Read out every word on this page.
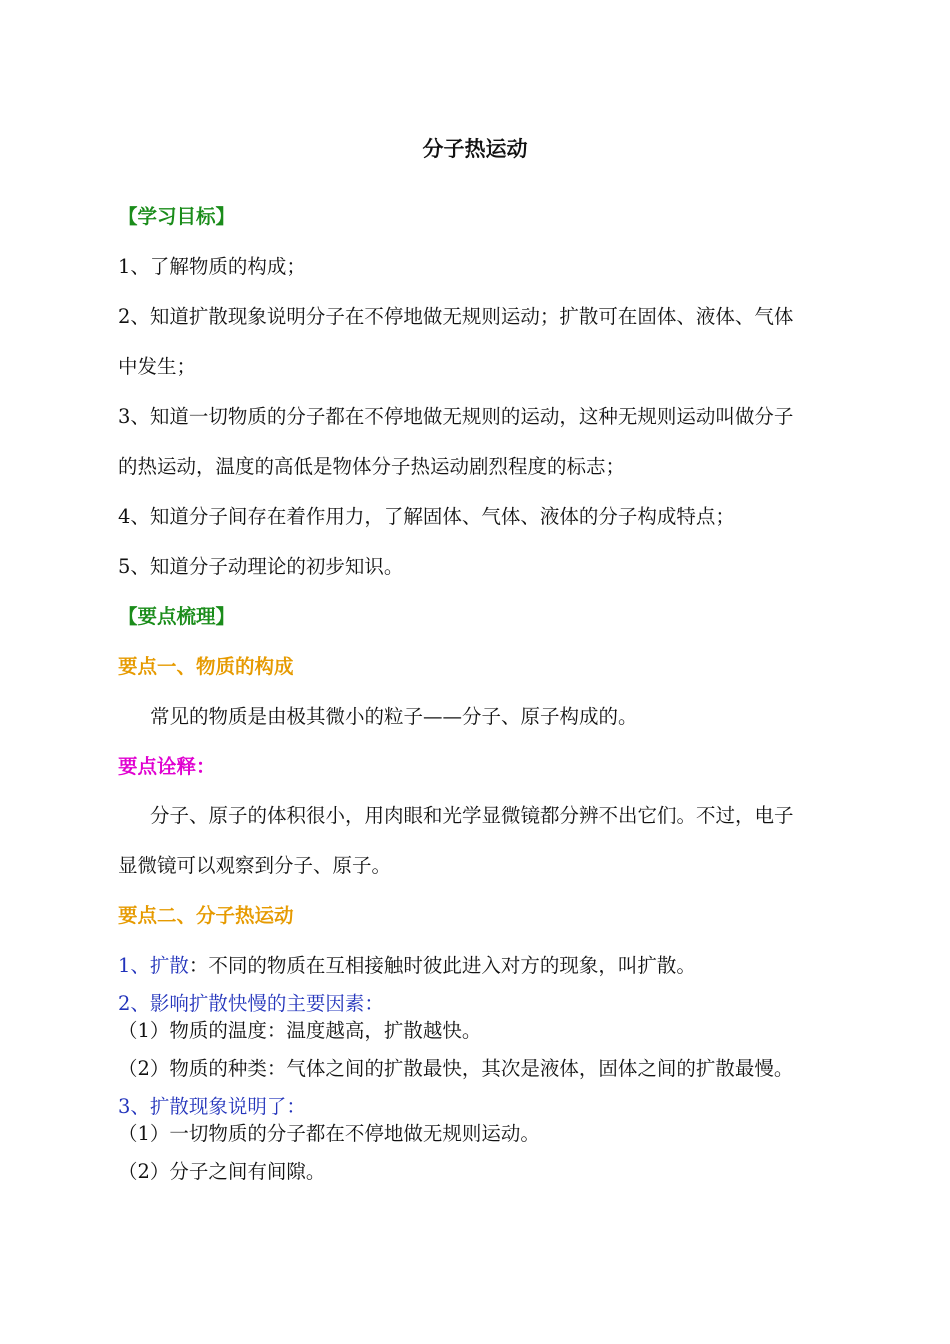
分子热运动
【学习目标】
1、了解物质的构成；
2、知道扩散现象说明分子在不停地做无规则运动；扩散可在固体、液体、气体
中发生；
3、知道一切物质的分子都在不停地做无规则的运动，这种无规则运动叫做分子
的热运动，温度的高低是物体分子热运动剧烈程度的标志；
4、知道分子间存在着作用力，了解固体、气体、液体的分子构成特点；
5、知道分子动理论的初步知识。
【要点梳理】
要点一、物质的构成
常见的物质是由极其微小的粒子——分子、原子构成的。
要点诠释：
分子、原子的体积很小，用肉眼和光学显微镜都分辨不出它们。不过，电子
显微镜可以观察到分子、原子。
要点二、分子热运动
1、扩散：不同的物质在互相接触时彼此进入对方的现象，叫扩散。
2、影响扩散快慢的主要因素：
（1）物质的温度：温度越高，扩散越快。
（2）物质的种类：气体之间的扩散最快，其次是液体，固体之间的扩散最慢。
3、扩散现象说明了：
（1）一切物质的分子都在不停地做无规则运动。
（2）分子之间有间隙。
